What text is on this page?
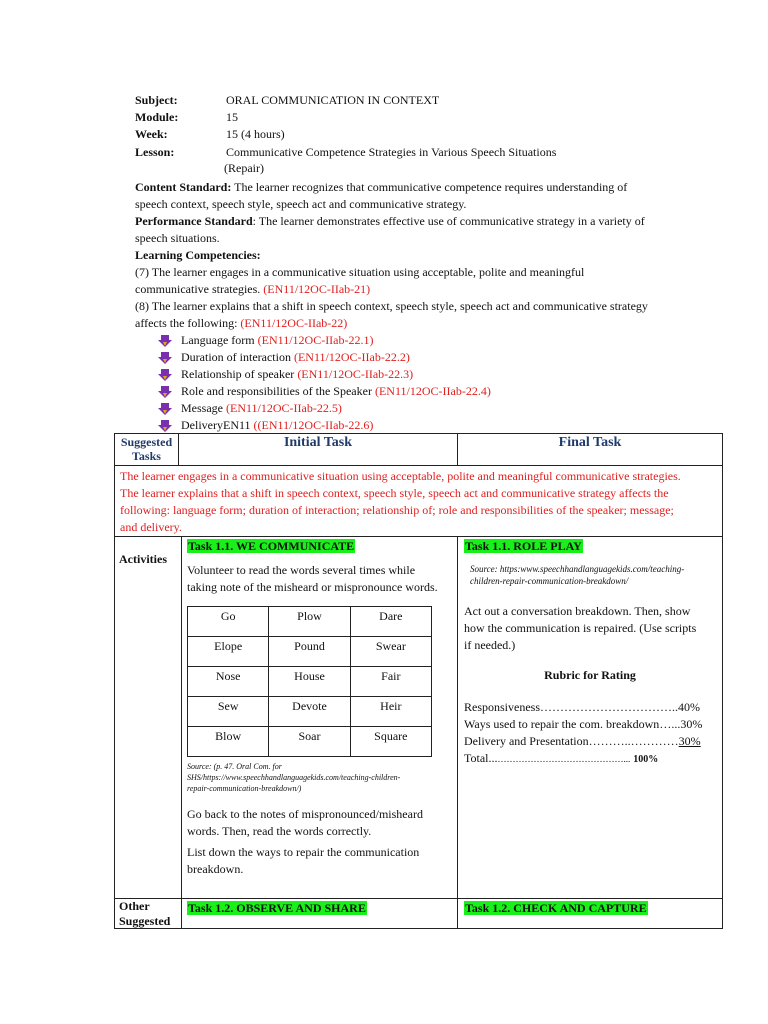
Subject:	ORAL COMMUNICATION IN CONTEXT
Module:	15
Week:	15 (4 hours)
Lesson:	Communicative Competence Strategies in Various Speech Situations
(Repair)
Content Standard: The learner recognizes that communicative competence requires understanding of
speech context, speech style, speech act and communicative strategy.
Performance Standard: The learner demonstrates effective use of communicative strategy in a variety of
speech situations.
Learning Competencies:
(7) The learner engages in a communicative situation using acceptable, polite and meaningful
communicative strategies. (EN11/12OC-IIab-21)
(8) The learner explains that a shift in speech context, speech style, speech act and communicative strategy
affects the following: (EN11/12OC-IIab-22)
Language form
(EN11/12OC-IIab-22.1)
Duration of interaction
(EN11/12OC-IIab-22.2)
Relationship of speaker
(EN11/12OC-IIab-22.3)
Role and responsibilities of the Speaker
(EN11/12OC-IIab-22.4)
Message
(EN11/12OC-IIab-22.5)
DeliveryEN11
((EN11/12OC-IIab-22.6)
Suggested
Tasks
Initial Task	Final Task
The learner engages in a communicative situation using acceptable, polite and meaningful communicative strategies.
The learner explains that a shift in speech context, speech style, speech act and communicative strategy affects the
following: language form; duration of interaction; relationship of; role and responsibilities of the speaker; message;
and delivery.
Activities
Task 1.1. WE COMMUNICATE
Volunteer to read the words several times while
taking note of the misheard or mispronounce words.
Go	Plow	Dare
Elope	Pound	Swear
Nose	House	Fair
Sew	Devote	Heir
Blow	Soar	Square
Source: (p. 47. Oral Com. for
SHS/https://www.speechhandlanguagekids.com/teaching-children-
repair-communication-breakdown/)
Go back to the notes of mispronounced/misheard
words. Then, read the words correctly.
List down the ways to repair the communication
breakdown.
Task 1.1. ROLE PLAY
Source: https:www.speechhandlanguagekids.com/teaching-
children-repair-communication-breakdown/
Act out a conversation breakdown. Then, show
how the communication is repaired. (Use scripts
if needed.)
Rubric for Rating
Responsiveness……………………………..40%
Ways used to repair the com. breakdown…...30%
Delivery and Presentation………..…………30%
Total...……………………………………... 100%
Other
Suggested
Task 1.2. OBSERVE AND SHARE	Task 1.2. CHECK AND CAPTURE
